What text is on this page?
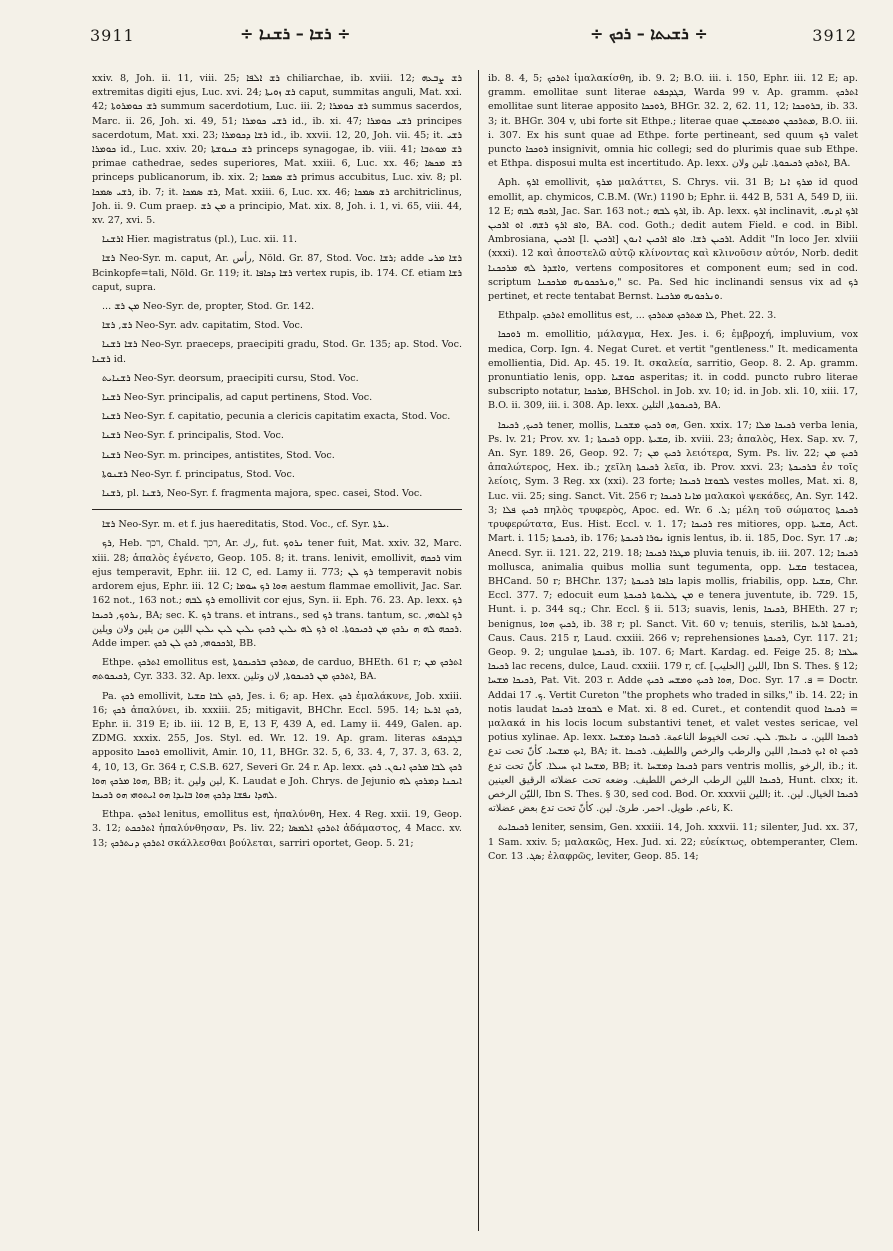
3911	÷ ܪܫܐ – ܪܫܢܐ ÷	÷ ܪܫܝܬܐ – ܪܟܟ ÷	3912

xxiv. 8, Joh. ii. 11, viii. 25; ܪܫ ܐܠܦܐ chiliarchae, ib. xviii. 12; ܪܫ ܨܒܥܗ extremitas digiti ejus, Luc. xvi. 24; ܪܫ ܙܘܝܬܐ caput, summitas anguli, Mat. xxi. 42; ܪܫ ܟܘܡܪܘܬܐ summum sacerdotium, Luc. iii. 2; ܪܫ ܟܘܡܪܐ summus sacerdos, Marc. ii. 26, Joh. xi. 49, 51; ܪܫܝ ܟܘܡܪܐ id., ib. xi. 47; ܪܫܝ ܟܘܡܪܐ principes sacerdotum, Mat. xxi. 23; ܪܫܐ ܕܟܘܡܪܐ id., ib. xxvii. 12, 20, Joh. vii. 45; it. ܪܫܝ ܟܘܡܪܐ id., Luc. xxiv. 20; ܪܫ ܟܢܘܫܬܐ princeps synagogae, ib. viii. 41; ܪܫ ܡܘܬܒܐ primae cathedrae, sedes superiores, Mat. xxiii. 6, Luc. xx. 46; ܪܫ ܡܟܣܐ princeps publicanorum, ib. xix. 2; ܪܫ ܣܡܟܐ primus accubitus, Luc. xiv. 8; pl. ܪܫܝ ܣܡܟܐ, ib. 7; it. ܪܫ ܣܡܟܐ, Mat. xxiii. 6, Luc. xx. 46; ܪܫ ܣܡܟܐ architriclinus, Joh. ii. 9. Cum praep. ܡܢ ܪܫ a principio, Mat. xix. 8, Joh. i. 1, vi. 65, viii. 44, xv. 27, xvi. 5.

ܐܪܫܢܐ Hier. magistratus (pl.), Luc. xii. 11.

ܪܫܐ Neo-Syr. m. caput, Ar. رأس, Nöld. Gr. 87, Stod. Voc. ܪܫܐ; adde ܪܫܐ ܡܪܝ Bcinkopfe=tali, Nöld. Gr. 119; it. ܪܫܐ ܕܟܐܦܐ vertex rupis, ib. 174. Cf. etiam ܪܫܐ caput, supra.

... ܡܢ ܪܫ Neo-Syr. de, propter, Stod. Gr. 142.

ܪܫ, ܪܫܐ Neo-Syr. adv. capitatim, Stod. Voc.

ܪܫܐ ܪܫܢܐ Neo-Syr. praeceps, praecipiti gradu, Stod. Gr. 135; ap. Stod. Voc. ܪܫܢܐ id.

ܪܫܢܐܝܬ Neo-Syr. deorsum, praecipiti cursu, Stod. Voc.

ܪܫܢܐ Neo-Syr. principalis, ad caput pertinens, Stod. Voc.

ܪܫܢܐ Neo-Syr. f. capitatio, pecunia a clericis capitatim exacta, Stod. Voc.

ܪܫܢܐ Neo-Syr. f. principalis, Stod. Voc.

ܪܫܢܐ Neo-Syr. m. principes, antistites, Stod. Voc.

ܪܫܢܘܬܐ Neo-Syr. f. principatus, Stod. Voc.

ܪܫܢܐ, pl. ܪܫܢܐ, Neo-Syr. f. fragmenta majora, spec. casei, Stod. Voc.

ܪܫܐ Neo-Syr. m. et f. jus haereditatis, Stod. Voc., cf. Syr. ܝܪܬܐ.

ܪܟ, Heb. רכך, Chald. רכך, Ar. رك, fut. ܢܪܘܟ tener fuit, Mat. xxiv. 32, Marc. xiii. 28; ἁπαλὸς ἐγένετο, Geop. 105. 8; it. trans. lenivit, emollivit, ܪܟܟܗ vim ejus temperavit, Ephr. iii. 12 C, ed. Lamy ii. 773; ܪܟ ܠܢ temperavit nobis ardorem ejus, Ephr. iii. 12 C; ܗܘܐ ܪܟ ܚܘܡܐ aestum flammae emollivit, Jac. Sar. 162 not., 163 not.; ܪܟ ܠܒܗ emollivit cor ejus, Syn. ii. Eph. 76. 23. Ap. lexx. ܪܟ ܢܪܘܟ, ܪܟܝܟܐ, BA; sec. K. ܪܟ trans. et intrans., sed ܪܟ trans. tantum, sc. ܪܟ ܐܠܘܗܝ, ܪܟܟܗ ܠܗ ܗ ܢܪܟܟ ܡܢ ܪܟܝܟܘܬܐ. ܐܘ ܪܟ ܠܗ ܝܠܝܢ ܪܟܝܟ ܝܠܝܢ ܠܝܢ ܝܠܝܢ اللين من يلين ولان ويلين. Adde imper. ܐܪܟܟܘܗܝ, ܪܟܟ ܠܢ ܪܟܟ, BB.

Ethpe. ܐܬܪܟܟ emollitus est, ܡܬܪܟܟ ܒܪܟܝܟܘܬܐ, de carduo, BHEth. 61 r; ܐܬܪܟܟ ܡܢ ܪܟܝܟܘܬܗ, Cyr. 333. 32. Ap. lexx. ܐܬܪܟܟ ܡܢ ܪܟܝܟܘܬܐ, لان وتلين, BA.

Pa. ܪܟܟ emollivit, ܪܟܟ ܠܒܐ ܩܫܝܐ, Jes. i. 6; ap. Hex. ܪܟܟ ἐμαλάκυνε, Job. xxiii. 16; ܪܟܟ ἀπαλύνει, ib. xxxiii. 25; mitigavit, BHChr. Eccl. 595. 14; ܪܟܟ ܐܪܥܐ, Ephr. ii. 319 E; ib. iii. 12 B, E, 13 F, 439 A, ed. Lamy ii. 449, Galen. ap. ZDMG. xxxix. 255, Jos. Styl. ed. Wr. 12. 19. Ap. gram. literas ܒܓܕܟܦܬ apposito ܪܘܟܟܐ emollivit, Amir. 10, 11, BHGr. 32. 5, 6, 33. 4, 7, 37. 3, 63. 2, 4, 10, 13, Gr. 364 r, C.S.B. 627, Severi Gr. 24 r. Ap. lexx. ܪܟܟ ܠܒܐ ܡܪܟܟ ܐܢܘܢ. ܪܟܟ ܗܘܐ ܡܪܟܟ ܗܘܐ, BB; it. لين ولين, K. Laudat e Joh. Chrys. de Jejunio ܐܝܟܢܐ ܕܡܪܟܟ ܠܗ ܠܗܕܐ ܢܦܫܐ ܕܪܟܟ ܗܘܐ ܒܐܝܕܐ ܗܘ ܐܝܬܘܗܝ ܗܘ ܪܟܝܟܐ.

Ethpa. ܐܬܪܟܟ lenitus, emollitus est, ἠπαλύνθη, Hex. 4 Reg. xxii. 19, Geop. 3. 12; ܐܬܪܟܟܬ ἠπαλύνθησαν, Ps. liv. 22; ܐܬܪܟܟ ܐܠܡܣܐ ἀδάμαστος, 4 Macc. xv. 13; ܐܬܪܟܟ ܕܢܬܪܟܟ σκάλλεσθαι βούλεται, sarriri oportet, Geop. 5. 21;

ib. 8. 4, 5; ܐܬܪܟܟ ἱμαλακίσθη, ib. 9. 2; B.O. iii. i. 150, Ephr. iii. 12 E; ap. gramm. emollitae sunt literae ܒܓܕܟܦܬ, Warda 99 v. Ap. gramm. ܐܬܪܟܟ emollitae sunt literae apposito ܪܘܟܟܐ, BHGr. 32. 2, 62. 11, 12; ܒܪܘܟܟܐ, ib. 33. 3; it. BHGr. 304 v, ubi forte sit Ethpe.; literae quae ܡܬܪܟܟܢ ܘܡܬܩܫܝܢ, B.O. iii. i. 307. Ex his sunt quae ad Ethpe. forte pertineant, sed quum ܪܟ valet puncto ܪܘܟܟܐ insignivit, omnia hic collegi; sed do plurimis quae sub Ethpe. et Ethpa. disposui multa est incertitudo. Ap. lexx. ܐܬܪܟܟ ܪܟܝܟܘܬܐ. تلين ولان, BA.

Aph. ܐܪܟ emollivit, ܡܪܟ μαλάττει, S. Chrys. vii. 31 B; ܡܪܟ ܐܢܐ id quod emollit, ap. chymicos, C.B.M. (Wr.) 1190 b; Ephr. ii. 442 B, 531 A, 549 D, iii. 12 E; ܐܪܟܗ ܠܒܗ, Jac. Sar. 163 not.; ܐܪܟ ܠܒܗ, ib. Ap. lexx. ܐܪܟ inclinavit, ܐܪܟ ܐܕܢܗ. ܘܐܦ ܐܪܟ ܪܫܗ. ܐܘ ܐܪܟܝܢ, BA. cod. Goth.; dedit autem Field. e cod. in Bibl. Ambrosiana, ܐܪܟܝܢ [l. ܐܪܟܝܢ] ܐܪܟܝܢ ܪܫܐ. ܘܐܦ ܐܪܟܝܢ ܐܢܘܢ. Addit "In loco Jer. xlviii (xxxi). 12 καὶ ἀποστελῶ αὐτῷ κλίνοντας καὶ κλινοῦσιν αὐτόν, Norb. dedit ܘܐܫܕܪ ܠܗ ܡܪܟܟܢܐ, vertens compositores et component eum; sed in cod. scriptum ܘܢܪܟܟܘܢܗ ܡܪܟܟܢܐ," sc. Pa. Sed hic inclinandi sensus vix ad ܪܟ pertinet, et recte tentabat Bernst. ܘܢܪܟܘܢܗ ܡܪܟܢܐ.

Ethpalp. ܐܬܪܟܟ emollitus est, ... ܠܐ ܡܬܪܟܟ ܡܬܪܟܟ, Phet. 22. 3.

ܪܘܟܟܐ m. emollitio, μάλαγμα, Hex. Jes. i. 6; ἐμβροχή, impluvium, vox medica, Corp. Ign. 4. Negat Curet. et vertit "gentleness." It. medicamenta emollientia, Did. Ap. 45. 19. It. σκαλεία, sarritio, Geop. 8. 2. Ap. gramm. pronuntiatio lenis, opp. ܩܘܫܝܐ asperitas; it. in codd. puncto rubro literae subscripto notatur, ܡܪܟܟܐ, BHSchol. in Job. xv. 10; id. in Job. xli. 10, xiii. 17, B.O. ii. 309, iii. i. 308. Ap. lexx. ܪܟܝܟܘܬܐ, التلين, BA.

ܪܟܝܟ, ܪܟܝܟܐ tener, mollis, ܗܘ ܪܟܝܟ ܡܫܟܢܐ, Gen. xxix. 17; ܪܟܝܟܐ ܡܠܐ verba lenia, Ps. lv. 21; Prov. xv. 1; ܪܟܝܟܬܐ opp. ܩܫܝܬܐ, ib. xviii. 23; ἁπαλὸς, Hex. Sap. xv. 7, An. Syr. 189. 26, Geop. 92. 7; ܪܟܝܟ ܡܢ λειότερα, Sym. Ps. liv. 22; ܪܟܝܟ ܡܢ ἁπαλώτερος, Hex. ib.; χεῖλη ܪܟܝܟܬܐ λεῖα, ib. Prov. xxvi. 23; ܒܪܟܝܟܬܐ ἐν τοῖς λείοις, Sym. 3 Reg. xx (xxi). 23 forte; ܠܒܘܫܐ ܪܟܝܟܐ vestes molles, Mat. xi. 8, Luc. vii. 25; sing. Sanct. Vit. 256 r; ܡܐܢܐ ܪܟܝܟܐ μαλακοὶ ψεκάδες, An. Syr. 142. 3; ܪܟܝܟ ܦܠܐ πηλὸς τρυφερὸς, Apoc. ed. Wr. ܠ. 6; μέλη τοῦ σώματος ܪܟܝܟܬܐ τρυφερώτατα, Eus. Hist. Eccl. v. 1. 17; ܪܟܝܟܐ res mitiores, opp. ܩܫܝܬܐ, Act. Mart. i. 115; ܪܟܝܟܬܐ, ib. 176; ܢܘܪܐ ܪܟܝܟܬܐ ignis lentus, ib. ii. 185, Doc. Syr. ܣ. 17; Anecd. Syr. ii. 121. 22, 219. 18; ܡܛܪܐ ܪܟܝܟܐ pluvia tenuis, ib. iii. 207. 12; ܪܟܝܟܐ mollusca, animalia quibus mollia sunt tegumenta, opp. ܩܫܝܐ testacea, BHCand. 50 r; BHChr. 137; ܟܐܦܐ ܪܟܝܟܬܐ lapis mollis, friabilis, opp. ܩܫܝܐ, Chr. Eccl. 377. 7; edocuit eum ܡܢ ܛܠܝܘܬܐ ܪܟܝܟܬܐ e tenera juventute, ib. 729. 15, Hunt. i. p. 344 sq.; Chr. Eccl. § ii. 513; suavis, lenis, ܪܟܝܟܐ, BHEth. 27 r; benignus, ܪܟܝܟ ܗܘܐ, ib. 38 r; pl. Sanct. Vit. 60 v; tenuis, sterilis, ܪܟܝܟܬܐ ܐܪܥܐ, Caus. Caus. 215 r, Laud. cxxiii. 266 v; reprehensiones ܪܟܝܟܬܐ, Cyr. 117. 21; Geop. 9. 2; ungulae ܪܟܝܟܬܐ, ib. 107. 6; Mart. Kardag. ed. Feige 25. 8; ܚܠܒܐ ܪܟܝܟܐ lac recens, dulce, Laud. cxxiii. 179 r, cf. اللبن [الحليب], Ibn S. Thes. § 12; ܪܟܝܟܐ ܡܫܚܐ, Pat. Vit. 203 r. Adde ܗܘܐ ܪܟܝܟ ܘܡܫܚ ܪܟܝܟ, Doc. Syr. ܦ. 17 = Doctr. Addai ܟ. 17. Vertit Cureton "the prophets who traded in silks," ib. 14. 22; in notis laudat ܠܒܘܫܐ ܪܟܝܟܐ e Mat. xi. 8 ed. Curet., et contendit quod ܪܟܝܟܐ = μαλακά in his locis locum substantivi tenet, et valet vestes sericae, vel potius xylinae. Ap. lexx. ܪܟܝܟܐ اللين. ܝ ܢܐܥܡ. ܠܝܢ. تحت الخيوط الناعمة. ܪܟܝܟܐ ܕܡܫܚܐ ܐܝܟ ܡܫܚܐ. كأنّ تحت تدع, BA; it. ܪܟܝܟ ܐܘ ܐܝܟ ܪܟܝܟܐ, اللين والرطب والرخص واللطيف. ܪܟܝܟܐ ܡܫܚܐ ܐܝܟ ܚܝܠܐ. كأنّ تحت تدع, BB; it. ܪܟܝܟܐ ܕܡܫܚܐ pars ventris mollis, الرخو, ib.; it. ܪܟܝܟܐ اللين الرطب الرخص اللطيف. وضعه تحت عضلاته الرقيق العينين, Hunt. clxx; it. الليّن الرخص, Ibn S. Thes. § 30, sed cod. Bod. Or. xxxvii اللين; it. ܪܟܝܟܐ الخيال. لين. ناعم. طويل. احمر. طرئ. لين. كأنّ تحت تدع بعض عضلاته, K.

ܪܟܝܟܐܝܬ leniter, sensim, Gen. xxxiii. 14, Joh. xxxvii. 11; silenter, Jud. xx. 37, 1 Sam. xxiv. 5; μαλακῶς, Hex. Jud. xi. 22; εὐείκτως, obtemperanter, Clem. Cor. ܣܓ. 13; ἐλαφρῶς, leviter, Geop. 85. 14;
